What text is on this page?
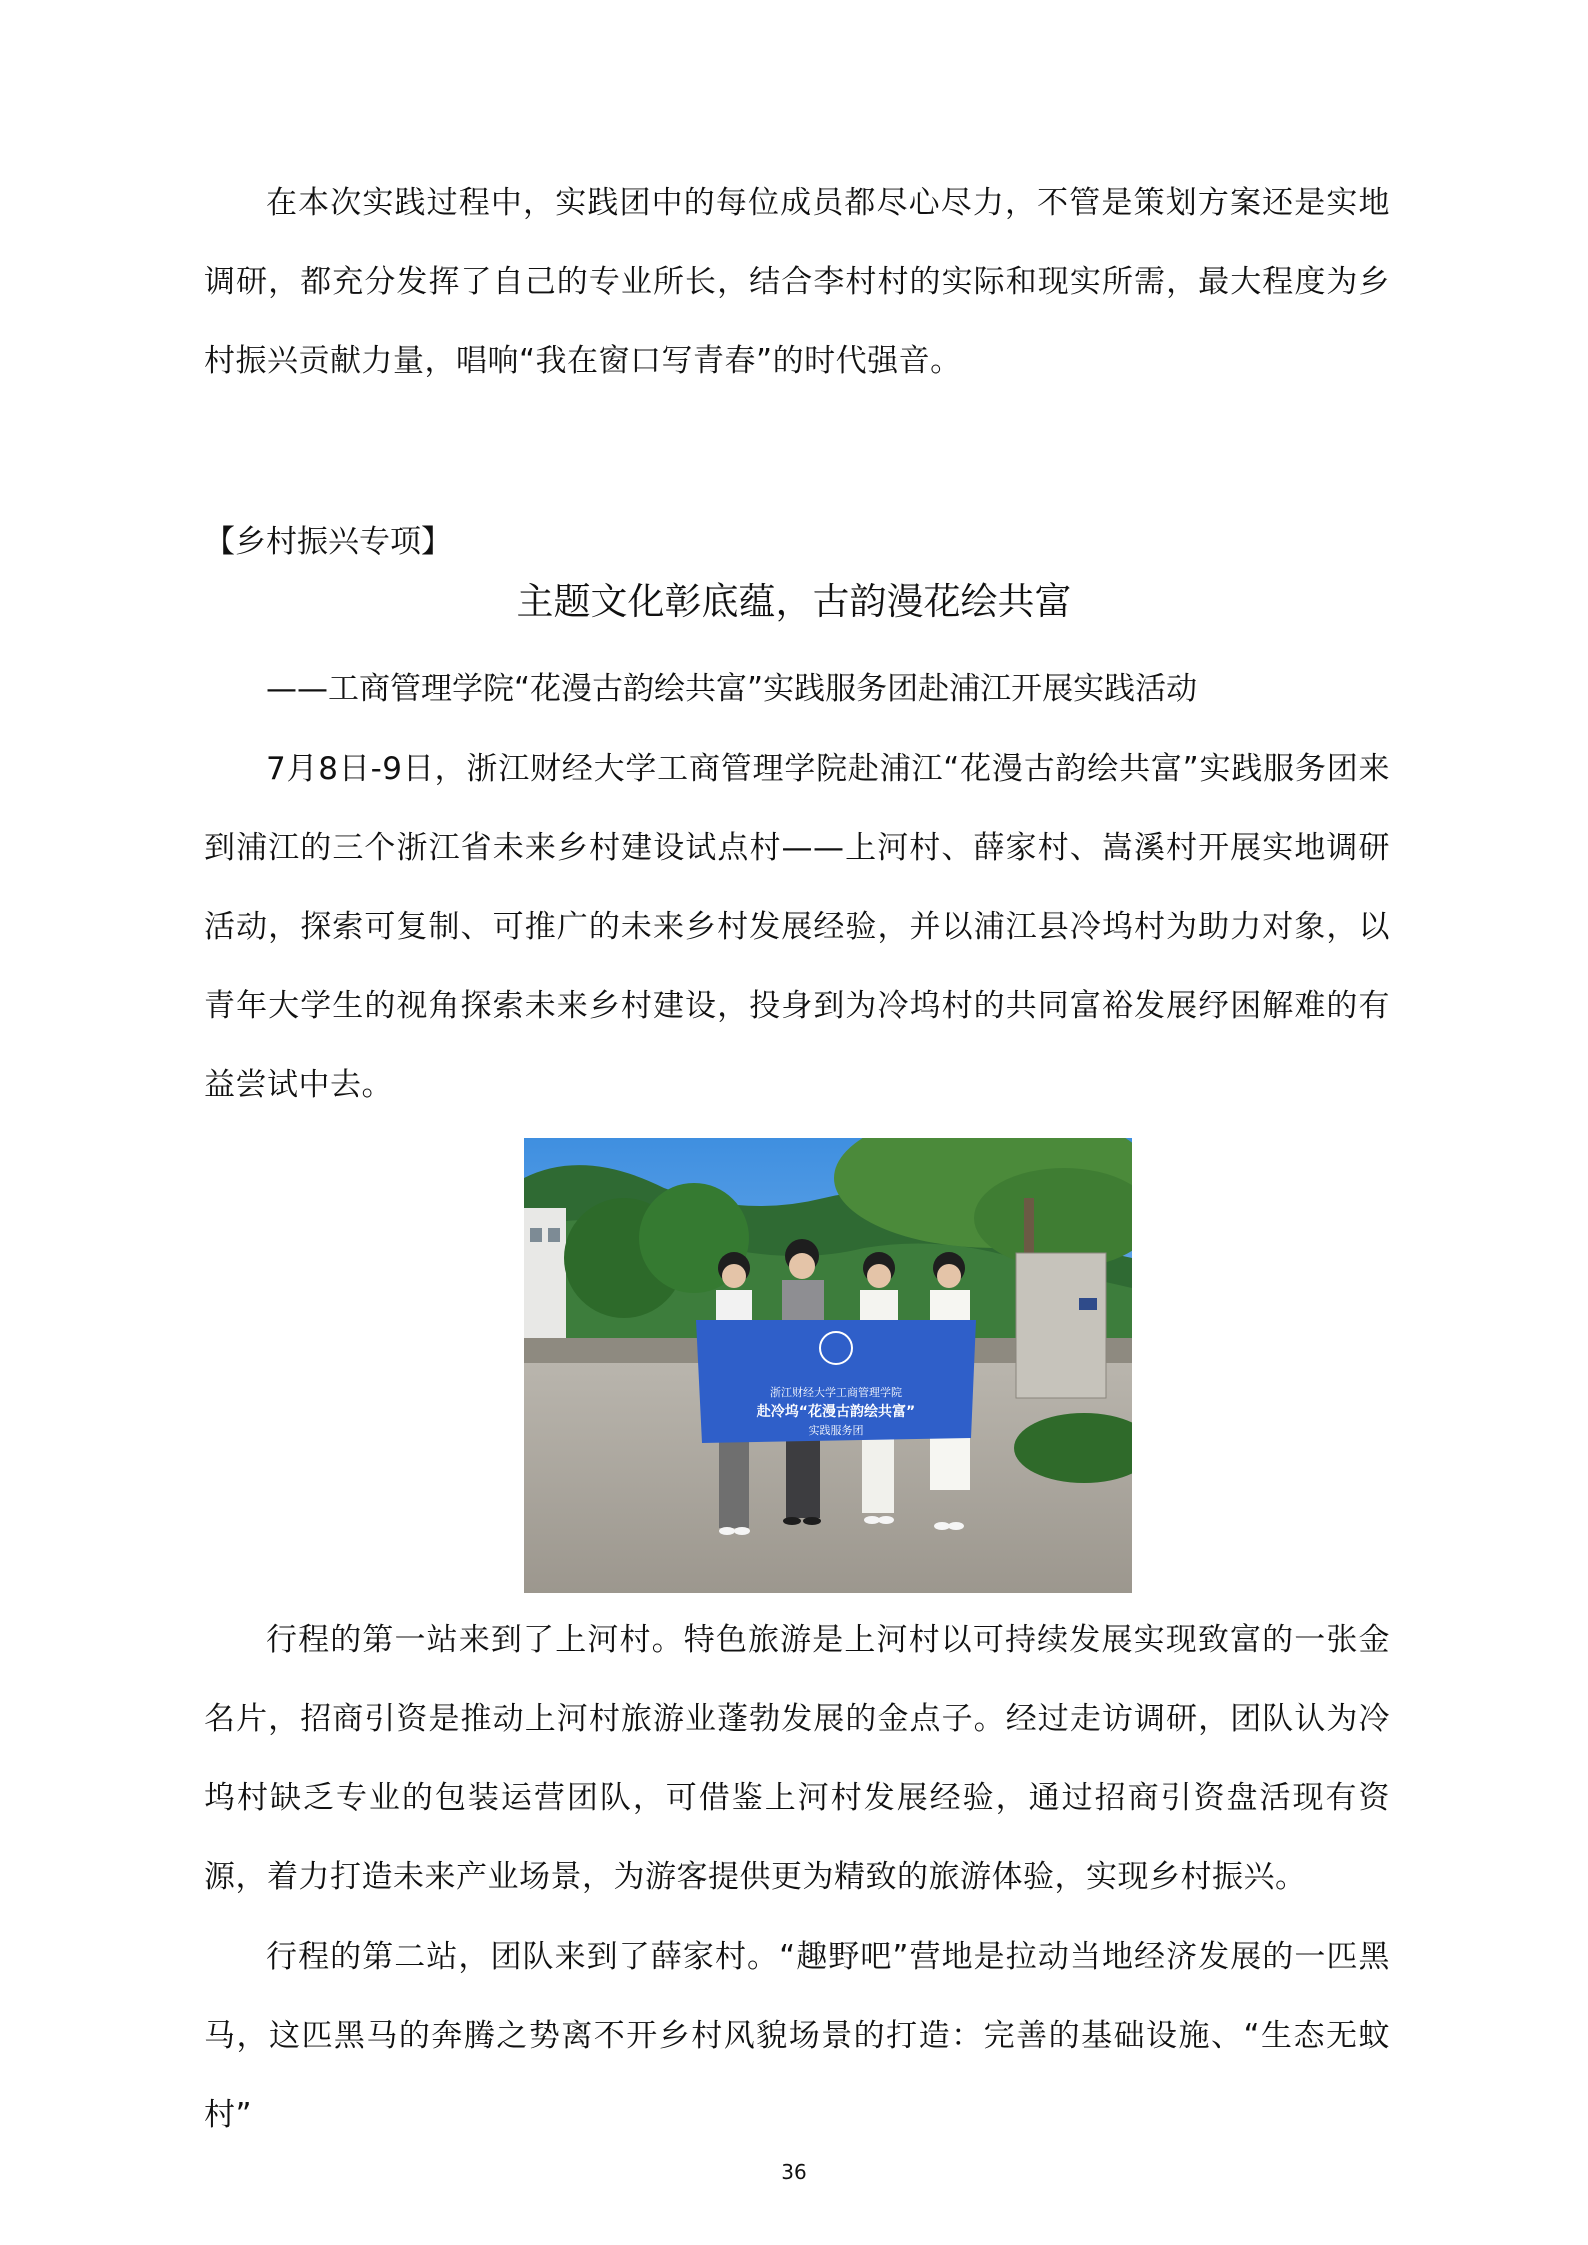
在本次实践过程中，实践团中的每位成员都尽心尽力，不管是策划方案还是实地调研，都充分发挥了自己的专业所长，结合李村村的实际和现实所需，最大程度为乡村振兴贡献力量，唱响“我在窗口写青春”的时代强音。

【乡村振兴专项】

主题文化彰底蕴，古韵漫花绘共富

——工商管理学院“花漫古韵绘共富”实践服务团赴浦江开展实践活动

7月8日-9日，浙江财经大学工商管理学院赴浦江“花漫古韵绘共富”实践服务团来到浦江的三个浙江省未来乡村建设试点村——上河村、薛家村、嵩溪村开展实地调研活动，探索可复制、可推广的未来乡村发展经验，并以浦江县冷坞村为助力对象，以青年大学生的视角探索未来乡村建设，投身到为冷坞村的共同富裕发展纾困解难的有益尝试中去。

浙江财经大学工商管理学院
赴冷坞“花漫古韵绘共富”
实践服务团

行程的第一站来到了上河村。特色旅游是上河村以可持续发展实现致富的一张金名片，招商引资是推动上河村旅游业蓬勃发展的金点子。经过走访调研，团队认为冷坞村缺乏专业的包装运营团队，可借鉴上河村发展经验，通过招商引资盘活现有资源，着力打造未来产业场景，为游客提供更为精致的旅游体验，实现乡村振兴。

行程的第二站，团队来到了薛家村。“趣野吧”营地是拉动当地经济发展的一匹黑马，这匹黑马的奔腾之势离不开乡村风貌场景的打造：完善的基础设施、“生态无蚊村”

36
